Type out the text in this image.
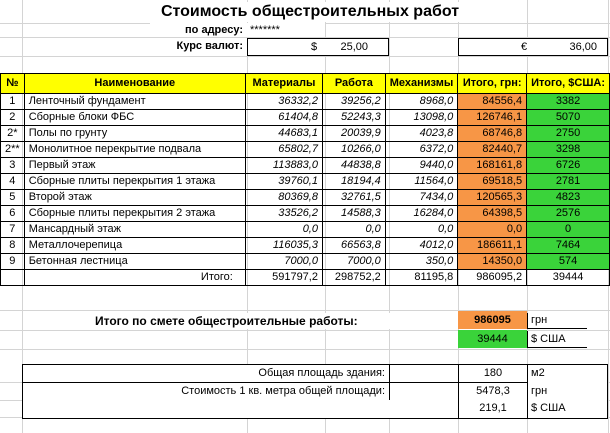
Стоимость общестроительных работ
по адресу: *******
Курс валют:	$ 25,00	€	36,00
№	Наименование	Материалы	Работа	Механизмы	Итого, грн:	Итого, $США:
1	Ленточный фундамент	36332,2	39256,2	8968,0	84556,4	3382
2	Сборные блоки ФБС	61404,8	52243,3	13098,0	126746,1	5070
2*	Полы по грунту	44683,1	20039,9	4023,8	68746,8	2750
2**	Монолитное перекрытие подвала	65802,7	10266,0	6372,0	82440,7	3298
3	Первый этаж	113883,0	44838,8	9440,0	168161,8	6726
4	Сборные плиты перекрытия 1 этажа	39760,1	18194,4	11564,0	69518,5	2781
5	Второй этаж	80369,8	32761,5	7434,0	120565,3	4823
6	Сборные плиты перекрытия 2 этажа	33526,2	14588,3	16284,0	64398,5	2576
7	Мансардный этаж	0,0	0,0	0,0	0,0	0
8	Металлочерепица	116035,3	66563,8	4012,0	186611,1	7464
9	Бетонная лестница	7000,0	7000,0	350,0	14350,0	574
	Итого:	591797,2	298752,2	81195,8	986095,2	39444
Итого по смете общестроительные работы:	986095	грн
39444	$ США
Общая площадь здания:	180	м2
Стоимость 1 кв. метра общей площади:	5478,3	грн
219,1	$ США
